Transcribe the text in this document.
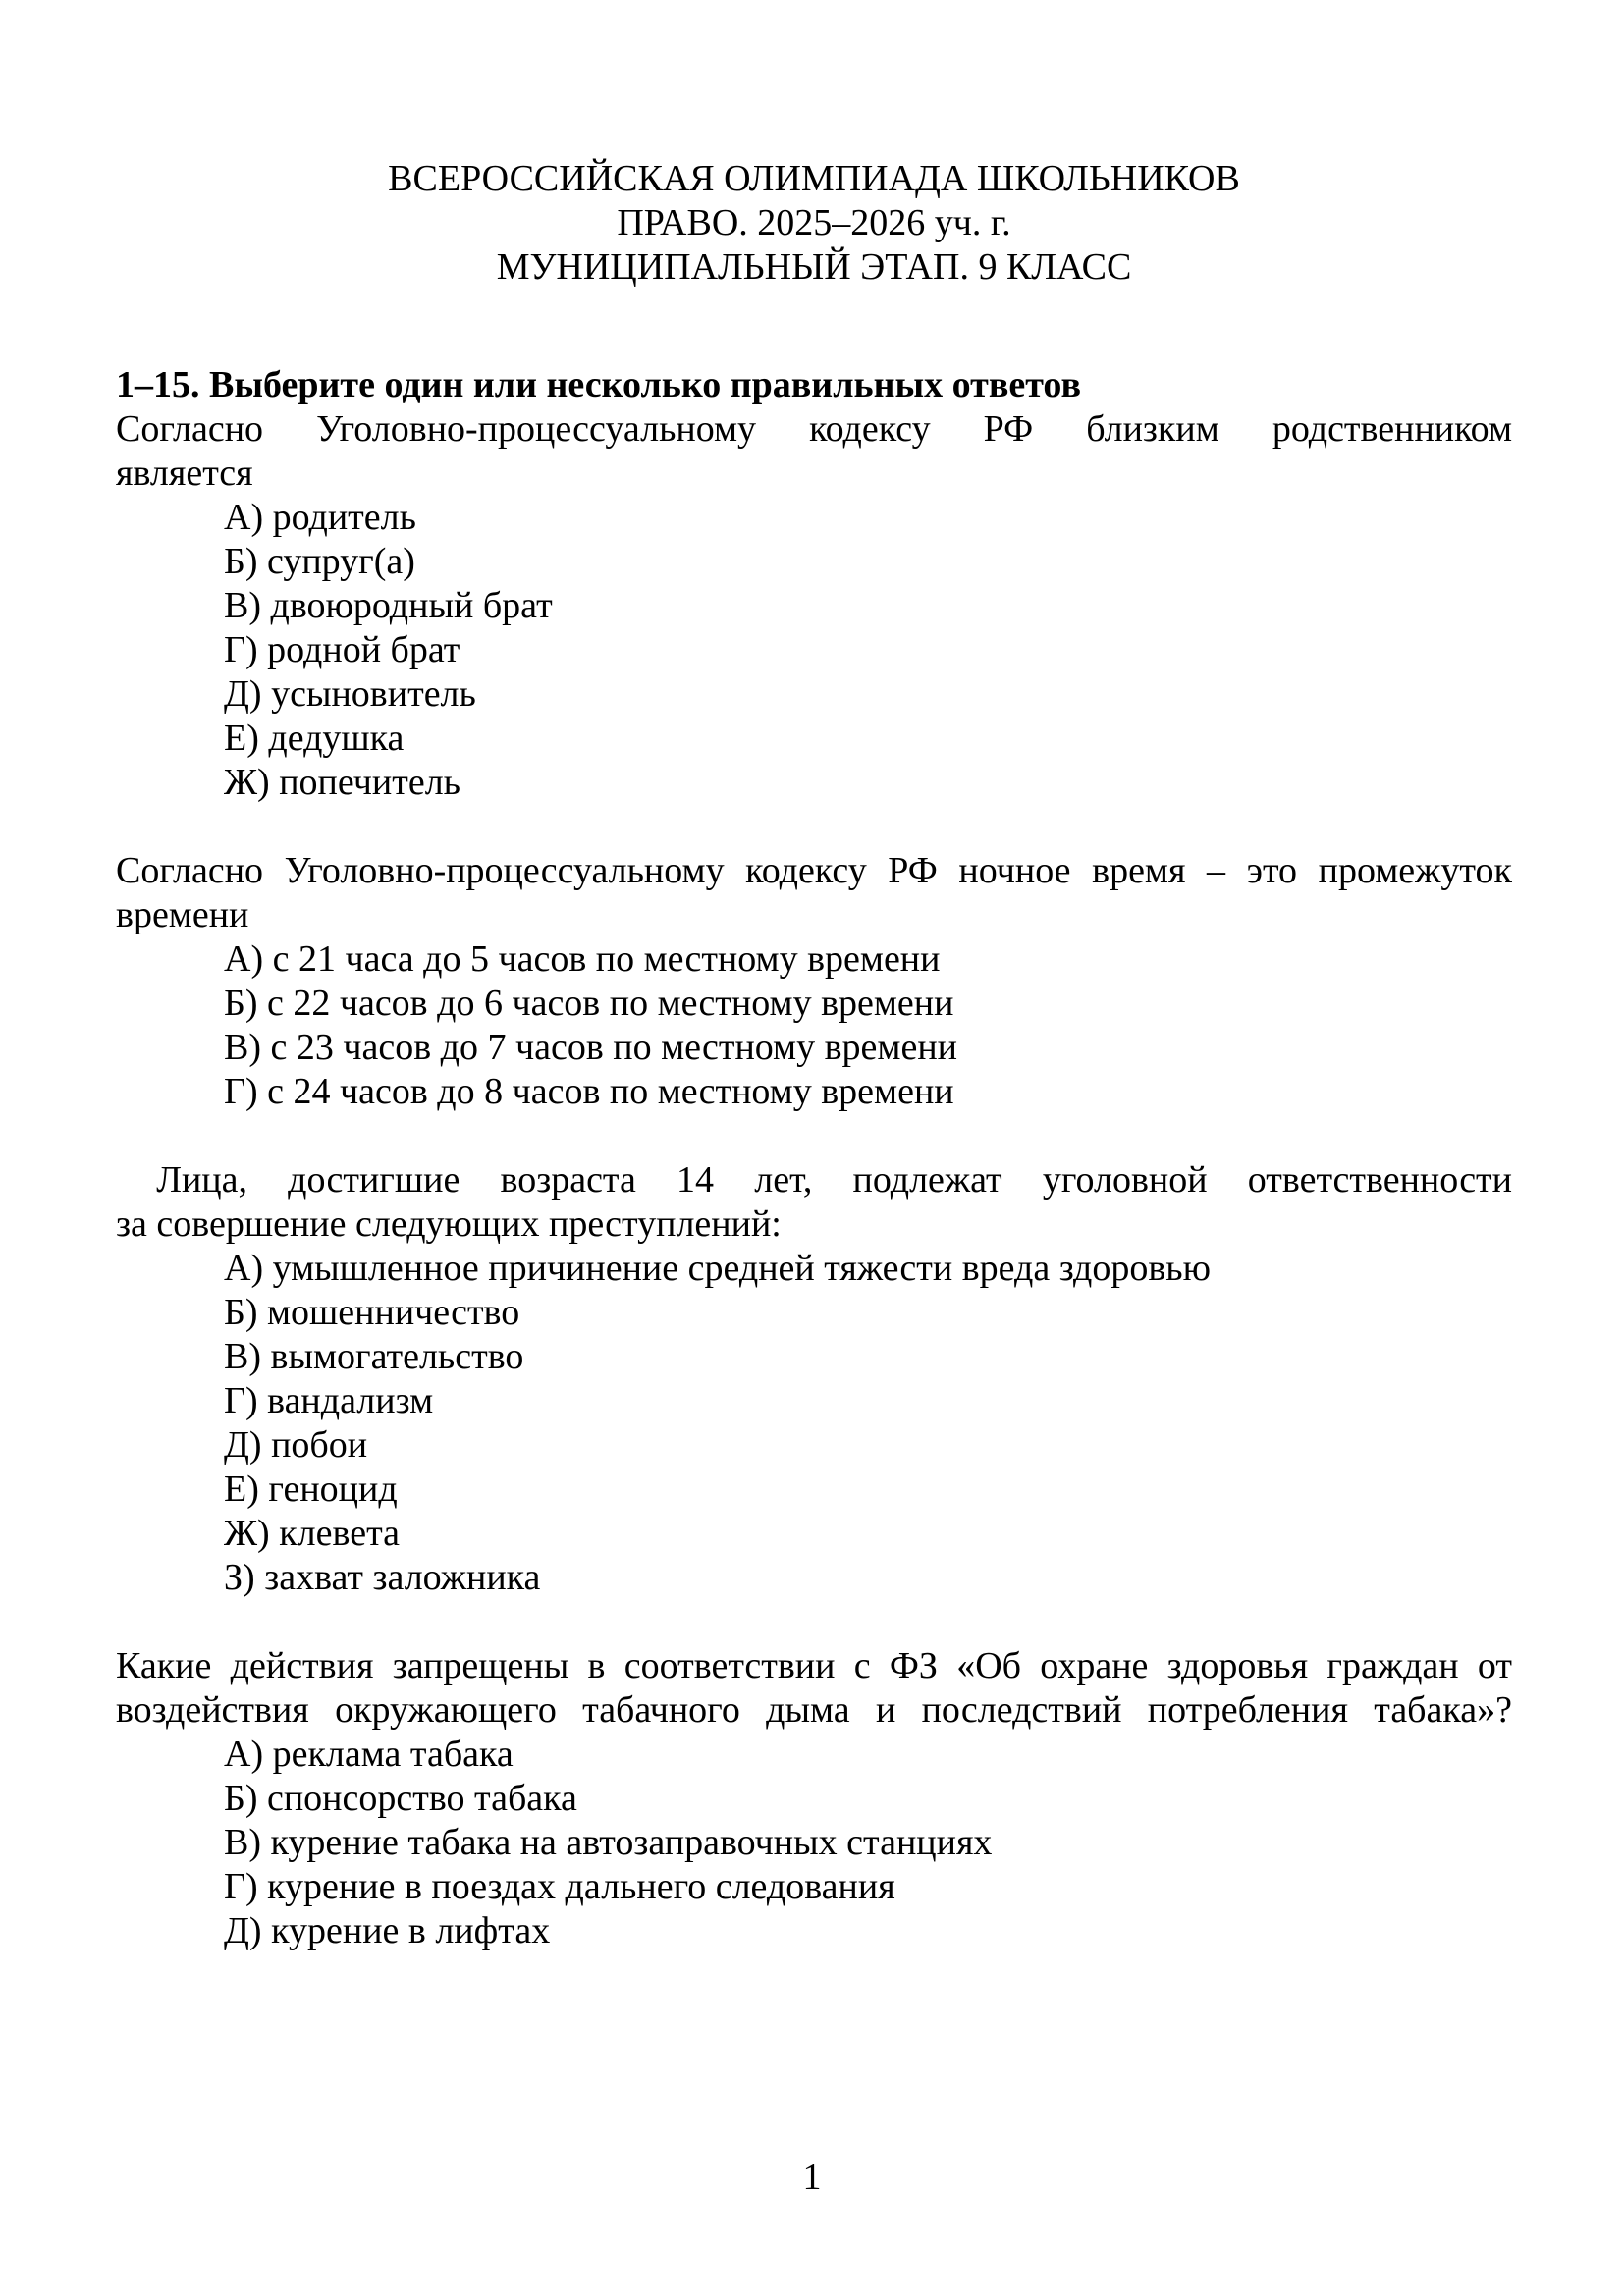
ВСЕРОССИЙСКАЯ ОЛИМПИАДА ШКОЛЬНИКОВ
ПРАВО. 2025–2026 уч. г.
МУНИЦИПАЛЬНЫЙ ЭТАП. 9 КЛАСС
1–15. Выберите один или несколько правильных ответов
Согласно Уголовно-процессуальному кодексу РФ близким родственником
является
А) родитель
Б) супруг(а)
В) двоюродный брат
Г) родной брат
Д) усыновитель
Е) дедушка
Ж) попечитель
Согласно Уголовно-процессуальному кодексу РФ ночное время – это промежуток
времени
А) с 21 часа до 5 часов по местному времени
Б) с 22 часов до 6 часов по местному времени
В) с 23 часов до 7 часов по местному времени
Г) с 24 часов до 8 часов по местному времени
Лица, достигшие возраста 14 лет, подлежат уголовной ответственности
за совершение следующих преступлений:
А) умышленное причинение средней тяжести вреда здоровью
Б) мошенничество
В) вымогательство
Г) вандализм
Д) побои
Е) геноцид
Ж) клевета
З) захват заложника
Какие действия запрещены в соответствии с ФЗ «Об охране здоровья граждан от
воздействия окружающего табачного дыма и последствий потребления табака»?
А) реклама табака
Б) спонсорство табака
В) курение табака на автозаправочных станциях
Г) курение в поездах дальнего следования
Д) курение в лифтах
1
